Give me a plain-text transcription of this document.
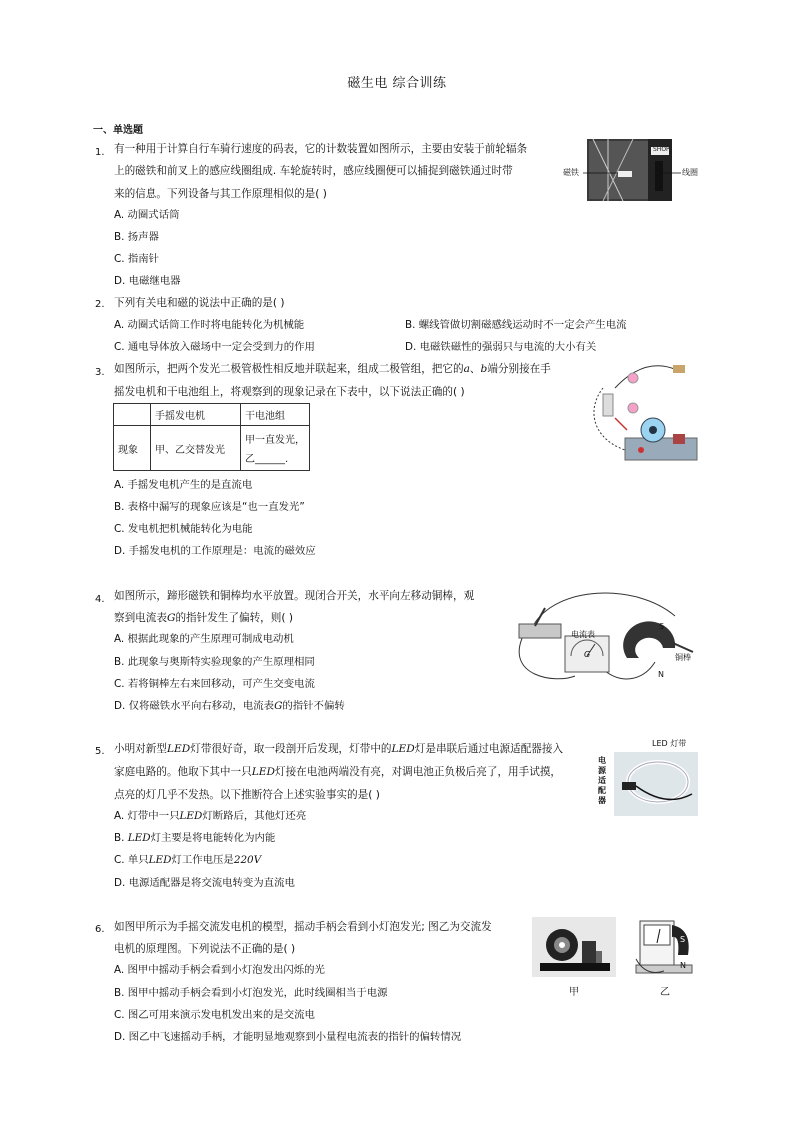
磁生电 综合训练
一、单选题
1. 有一种用于计算自行车骑行速度的码表，它的计数装置如图所示，主要由安装于前轮辐条
上的磁铁和前叉上的感应线圈组成. 车轮旋转时，感应线圈便可以捕捉到磁铁通过时带
来的信息。下列设备与其工作原理相似的是( )
A. 动圈式话筒
B. 扬声器
C. 指南针
D. 电磁继电器
磁铁	线圈
SHOP
2. 下列有关电和磁的说法中正确的是( )
A. 动圈式话筒工作时将电能转化为机械能	B. 螺线管做切割磁感线运动时不一定会产生电流
C. 通电导体放入磁场中一定会受到力的作用	D. 电磁铁磁性的强弱只与电流的大小有关
3. 如图所示，把两个发光二极管极性相反地并联起来，组成二极管组，把它的a、b端分别接在手
摇发电机和干电池组上，将观察到的现象记录在下表中，以下说法正确的( )
	手摇发电机	干电池组
现象	甲、乙交替发光	甲一直发光，
乙______.
A. 手摇发电机产生的是直流电
B. 表格中漏写的现象应该是“也一直发光”
C. 发电机把机械能转化为电能
D. 手摇发电机的工作原理是：电流的磁效应
4. 如图所示，蹄形磁铁和铜棒均水平放置。现闭合开关，水平向左移动铜棒，观
察到电流表G的指针发生了偏转，则( )
A. 根据此现象的产生原理可制成电动机
B. 此现象与奥斯特实验现象的产生原理相同
C. 若将铜棒左右来回移动，可产生交变电流
D. 仅将磁铁水平向右移动，电流表G的指针不偏转
电流表
G
S
N
铜棒
5. 小明对新型LED灯带很好奇，取一段剖开后发现，灯带中的LED灯是串联后通过电源适配器接入
家庭电路的。他取下其中一只LED灯接在电池两端没有亮，对调电池正负极后亮了，用手试摸，
点亮的灯几乎不发热。以下推断符合上述实验事实的是( )
A. 灯带中一只LED灯断路后，其他灯还亮
B. LED灯主要是将电能转化为内能
C. 单只LED灯工作电压是220V
D. 电源适配器是将交流电转变为直流电
LED 灯带
电源适配器
6. 如图甲所示为手摇交流发电机的模型，摇动手柄会看到小灯泡发光; 图乙为交流发
电机的原理图。下列说法不正确的是( )
A. 图甲中摇动手柄会看到小灯泡发出闪烁的光
B. 图甲中摇动手柄会看到小灯泡发光，此时线圈相当于电源
C. 图乙可用来演示发电机发出来的是交流电
D. 图乙中飞速摇动手柄，才能明显地观察到小量程电流表的指针的偏转情况
S
N
甲	乙
